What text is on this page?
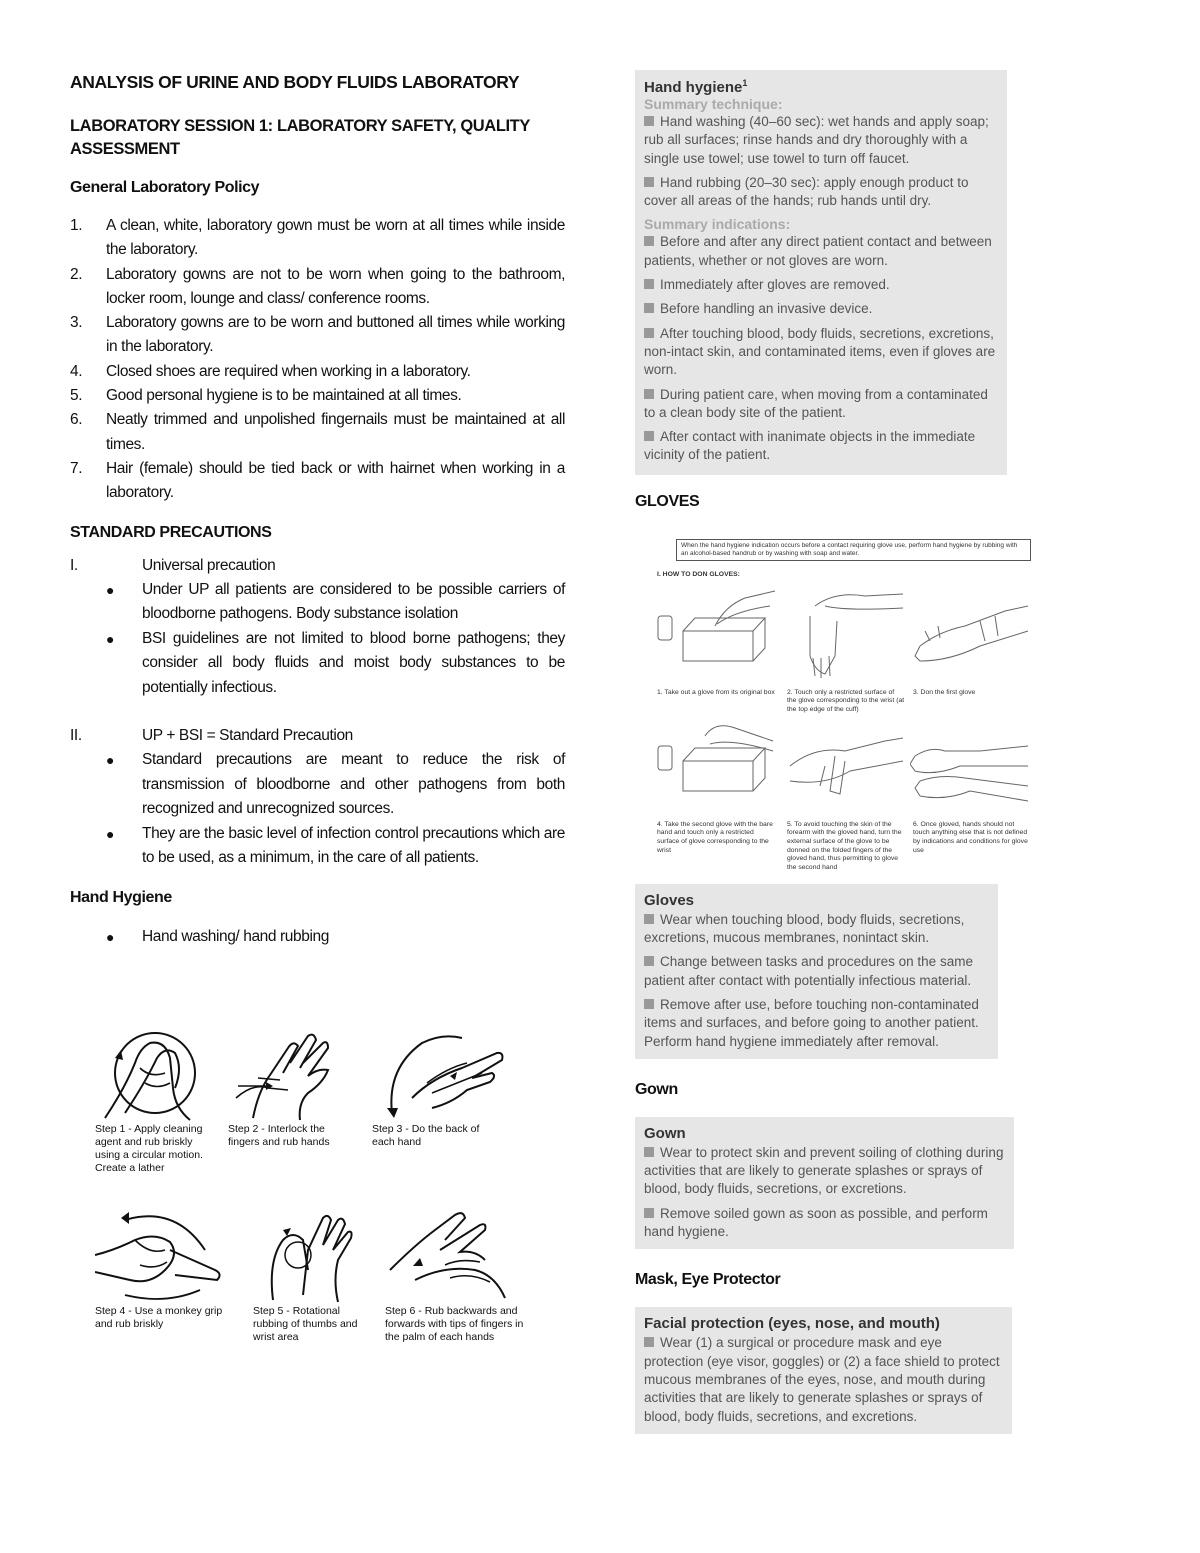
ANALYSIS OF URINE AND BODY FLUIDS LABORATORY
LABORATORY SESSION 1: LABORATORY SAFETY, QUALITY ASSESSMENT
General Laboratory Policy
1. A clean, white, laboratory gown must be worn at all times while inside the laboratory.
2. Laboratory gowns are not to be worn when going to the bathroom, locker room, lounge and class/ conference rooms.
3. Laboratory gowns are to be worn and buttoned all times while working in the laboratory.
4. Closed shoes are required when working in a laboratory.
5. Good personal hygiene is to be maintained at all times.
6. Neatly trimmed and unpolished fingernails must be maintained at all times.
7. Hair (female) should be tied back or with hairnet when working in a laboratory.
STANDARD PRECAUTIONS
I.	Universal precaution
● Under UP all patients are considered to be possible carriers of bloodborne pathogens. Body substance isolation
● BSI guidelines are not limited to blood borne pathogens; they consider all body fluids and moist body substances to be potentially infectious.
II.	UP + BSI = Standard Precaution
● Standard precautions are meant to reduce the risk of transmission of bloodborne and other pathogens from both recognized and unrecognized sources.
● They are the basic level of infection control precautions which are to be used, as a minimum, in the care of all patients.
Hand Hygiene
● Hand washing/ hand rubbing
Step 1 - Apply cleaning agent and rub briskly using a circular motion. Create a lather
Step 2 - Interlock the fingers and rub hands
Step 3 - Do the back of each hand
Step 4 - Use a monkey grip and rub briskly
Step 5 - Rotational rubbing of thumbs and wrist area
Step 6 - Rub backwards and forwards with tips of fingers in the palm of each hands
Hand hygiene$^1$
Summary technique:

Hand washing (40–60 sec): wet hands and apply soap; rub all surfaces; rinse hands and dry thoroughly with a single use towel; use towel to turn off faucet.

Hand rubbing (20–30 sec): apply enough product to cover all areas of the hands; rub hands until dry.

Summary indications:

Before and after any direct patient contact and between patients, whether or not gloves are worn.

Immediately after gloves are removed.

Before handling an invasive device.

After touching blood, body fluids, secretions, excretions, non-intact skin, and contaminated items, even if gloves are worn.

During patient care, when moving from a contaminated to a clean body site of the patient.

After contact with inanimate objects in the immediate vicinity of the patient.

GLOVES
When the hand hygiene indication occurs before a contact requiring glove use, perform hand hygiene by rubbing with an alcohol-based handrub or by washing with soap and water.
I. HOW TO DON GLOVES:
1. Take out a glove from its original box	2. Touch only a restricted surface of the glove corresponding to the wrist (at the top edge of the cuff)
3. Don the first glove
4. Take the second glove with the bare hand and touch only a restricted surface of glove corresponding to the wrist
5. To avoid touching the skin of the forearm with the gloved hand, turn the external surface of the glove to be donned on the folded fingers of the gloved hand, thus permitting to glove the second hand
6. Once gloved, hands should not touch anything else that is not defined by indications and conditions for glove use
Gloves

Wear when touching blood, body fluids, secretions, excretions, mucous membranes, nonintact skin.

Change between tasks and procedures on the same patient after contact with potentially infectious material.

Remove after use, before touching non-contaminated items and surfaces, and before going to another patient. Perform hand hygiene immediately after removal.

Gown
Gown

Wear to protect skin and prevent soiling of clothing during activities that are likely to generate splashes or sprays of blood, body fluids, secretions, or excretions.

Remove soiled gown as soon as possible, and perform hand hygiene.

Mask, Eye Protector
Facial protection (eyes, nose, and mouth)

Wear (1) a surgical or procedure mask and eye protection (eye visor, goggles) or (2) a face shield to protect mucous membranes of the eyes, nose, and mouth during activities that are likely to generate splashes or sprays of blood, body fluids, secretions, and excretions.
